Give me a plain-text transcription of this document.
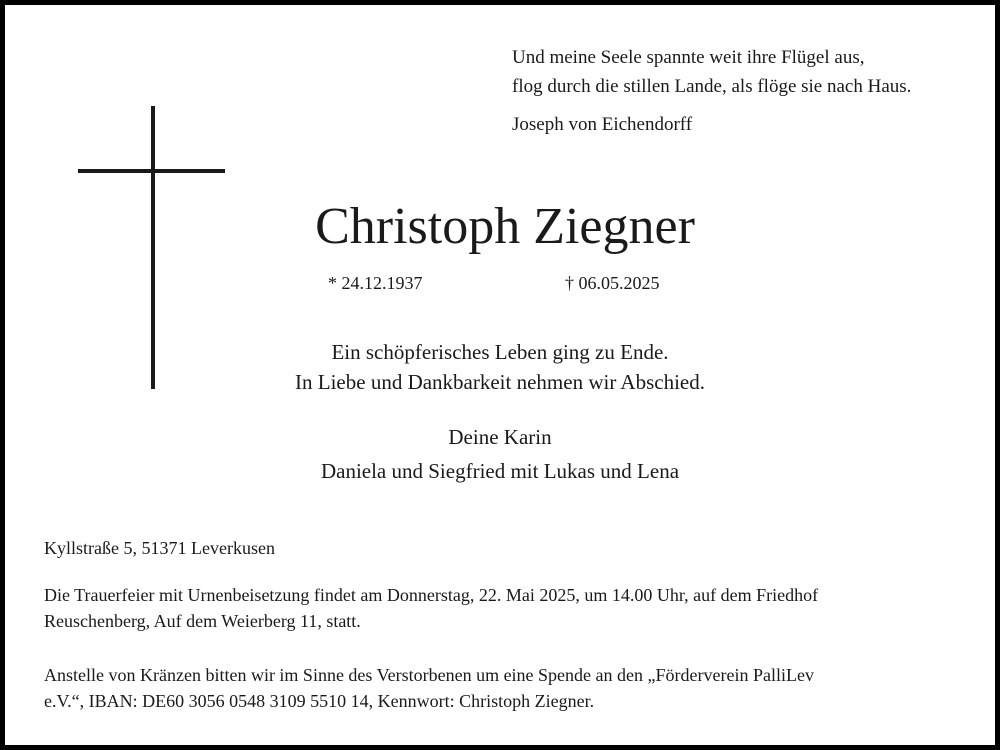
Und meine Seele spannte weit ihre Flügel aus,
flog durch die stillen Lande, als flöge sie nach Haus.
Joseph von Eichendorff
Christoph Ziegner
* 24.12.1937	† 06.05.2025
Ein schöpferisches Leben ging zu Ende.
In Liebe und Dankbarkeit nehmen wir Abschied.
Deine Karin
Daniela und Siegfried mit Lukas und Lena
Kyllstraße 5, 51371 Leverkusen
Die Trauerfeier mit Urnenbeisetzung findet am Donnerstag, 22. Mai 2025, um 14.00 Uhr, auf dem Friedhof
Reuschenberg, Auf dem Weierberg 11, statt.
Anstelle von Kränzen bitten wir im Sinne des Verstorbenen um eine Spende an den „Förderverein PalliLev
e.V.“, IBAN: DE60 3056 0548 3109 5510 14, Kennwort: Christoph Ziegner.
